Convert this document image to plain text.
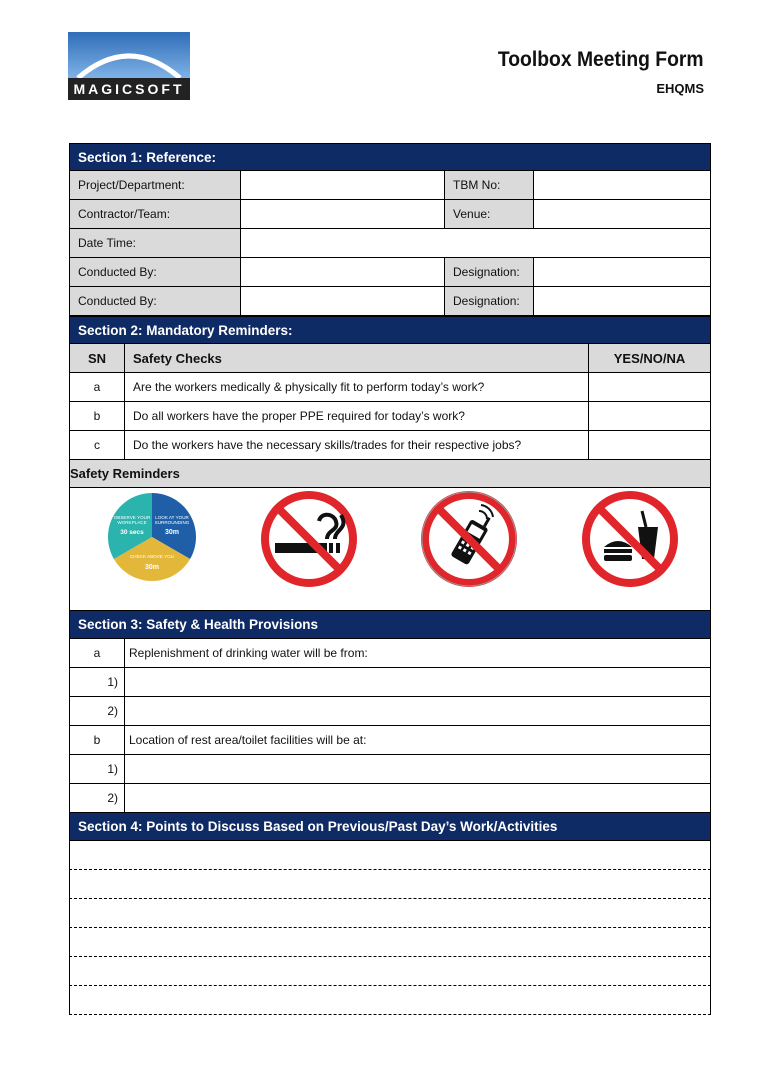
MAGICSOFT
Toolbox Meeting Form
EHQMS
Section 1: Reference:
Project/Department:	TBM No:
Contractor/Team:	Venue:
Date Time:
Conducted By:	Designation:
Conducted By:	Designation:
Section 2: Mandatory Reminders:
SN	Safety Checks	YES/NO/NA
a	Are the workers medically & physically fit to perform today’s work?
b	Do all workers have the proper PPE required for today’s work?
c	Do the workers have the necessary skills/trades for their respective jobs?
Safety Reminders
OBSERVE YOUR
WORKPLACE
30 secs
LOOK AT YOUR
SURROUNDING
30m
CHECK ABOVE YOU
30m
Section 3: Safety & Health Provisions
a	Replenishment of drinking water will be from:
1)
2)
b	Location of rest area/toilet facilities will be at:
1)
2)
Section 4: Points to Discuss Based on Previous/Past Day’s Work/Activities
